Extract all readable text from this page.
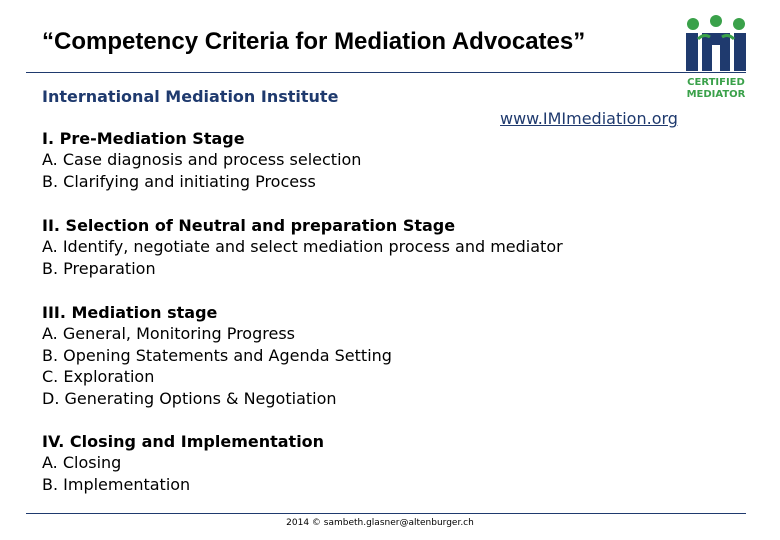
“Competency Criteria for Mediation Advocates”
CERTIFIED
MEDIATOR
International Mediation Institute
www.IMImediation.org
I. Pre-Mediation Stage
A. Case diagnosis and process selection
B. Clarifying and initiating Process
II. Selection of Neutral and preparation Stage
A. Identify, negotiate and select mediation process and mediator
B. Preparation
III. Mediation stage
A. General, Monitoring Progress
B. Opening Statements and Agenda Setting
C. Exploration
D. Generating Options & Negotiation
IV. Closing and Implementation
A. Closing
B. Implementation
2014 © sambeth.glasner@altenburger.ch
